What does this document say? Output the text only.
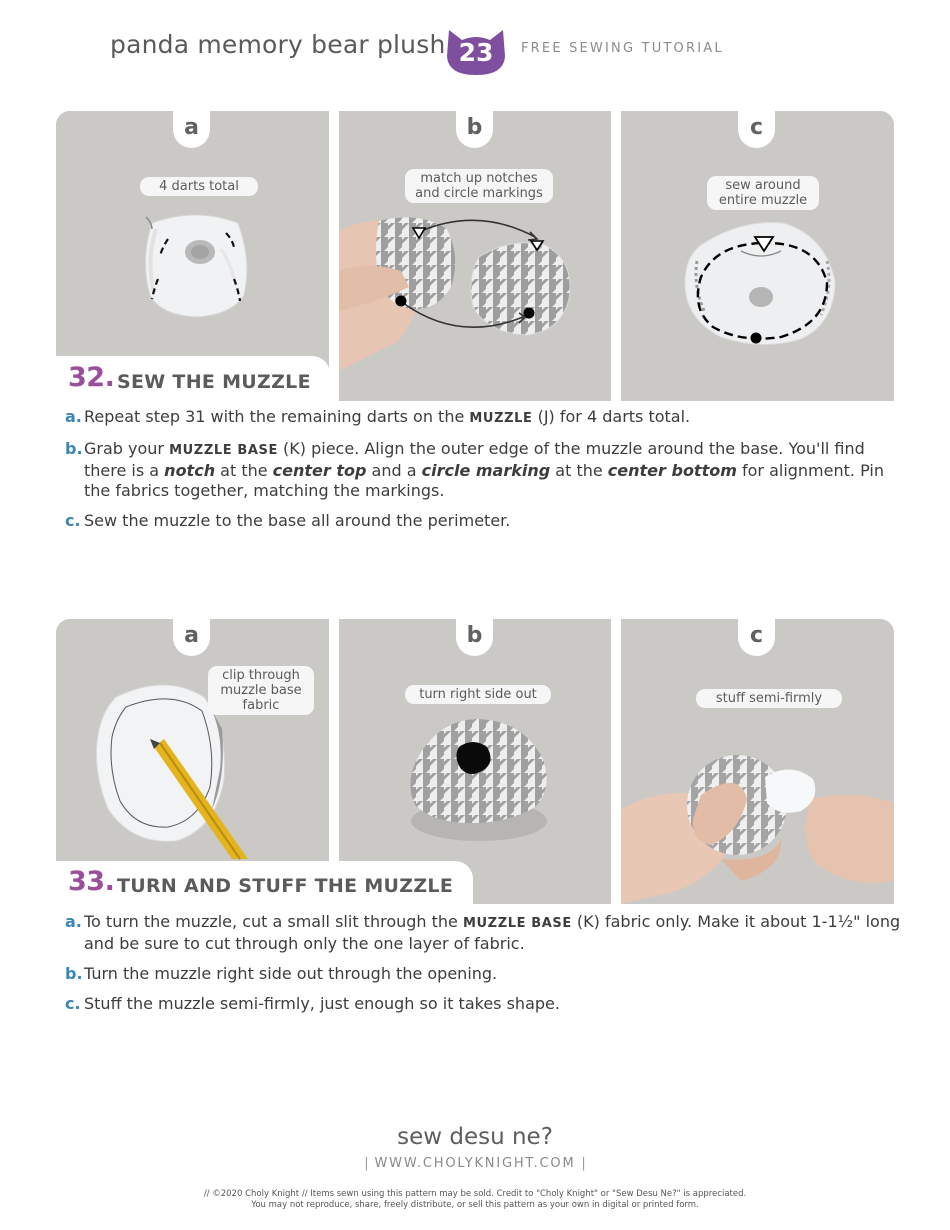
panda memory bear plush 23	FREE SEWING TUTORIAL
a
4 darts total
b
match up notches and circle markings
c
sew around entire muzzle
32. SEW THE MUZZLE
a. Repeat step 31 with the remaining darts on the MUZZLE (J) for 4 darts total.
b. Grab your MUZZLE BASE (K) piece. Align the outer edge of the muzzle around the base. You'll find there is a notch at the center top and a circle marking at the center bottom for alignment. Pin the fabrics together, matching the markings.
c. Sew the muzzle to the base all around the perimeter.
a
clip through muzzle base fabric
b
turn right side out
c
stuff semi-firmly
33. TURN AND STUFF THE MUZZLE
a. To turn the muzzle, cut a small slit through the MUZZLE BASE (K) fabric only. Make it about 1-1½" long and be sure to cut through only the one layer of fabric.
b. Turn the muzzle right side out through the opening.
c. Stuff the muzzle semi-firmly, just enough so it takes shape.
sew desu ne?
| WWW.CHOLYKNIGHT.COM |
// ©2020 Choly Knight // Items sewn using this pattern may be sold. Credit to "Choly Knight" or "Sew Desu Ne?" is appreciated.
You may not reproduce, share, freely distribute, or sell this pattern as your own in digital or printed form.
